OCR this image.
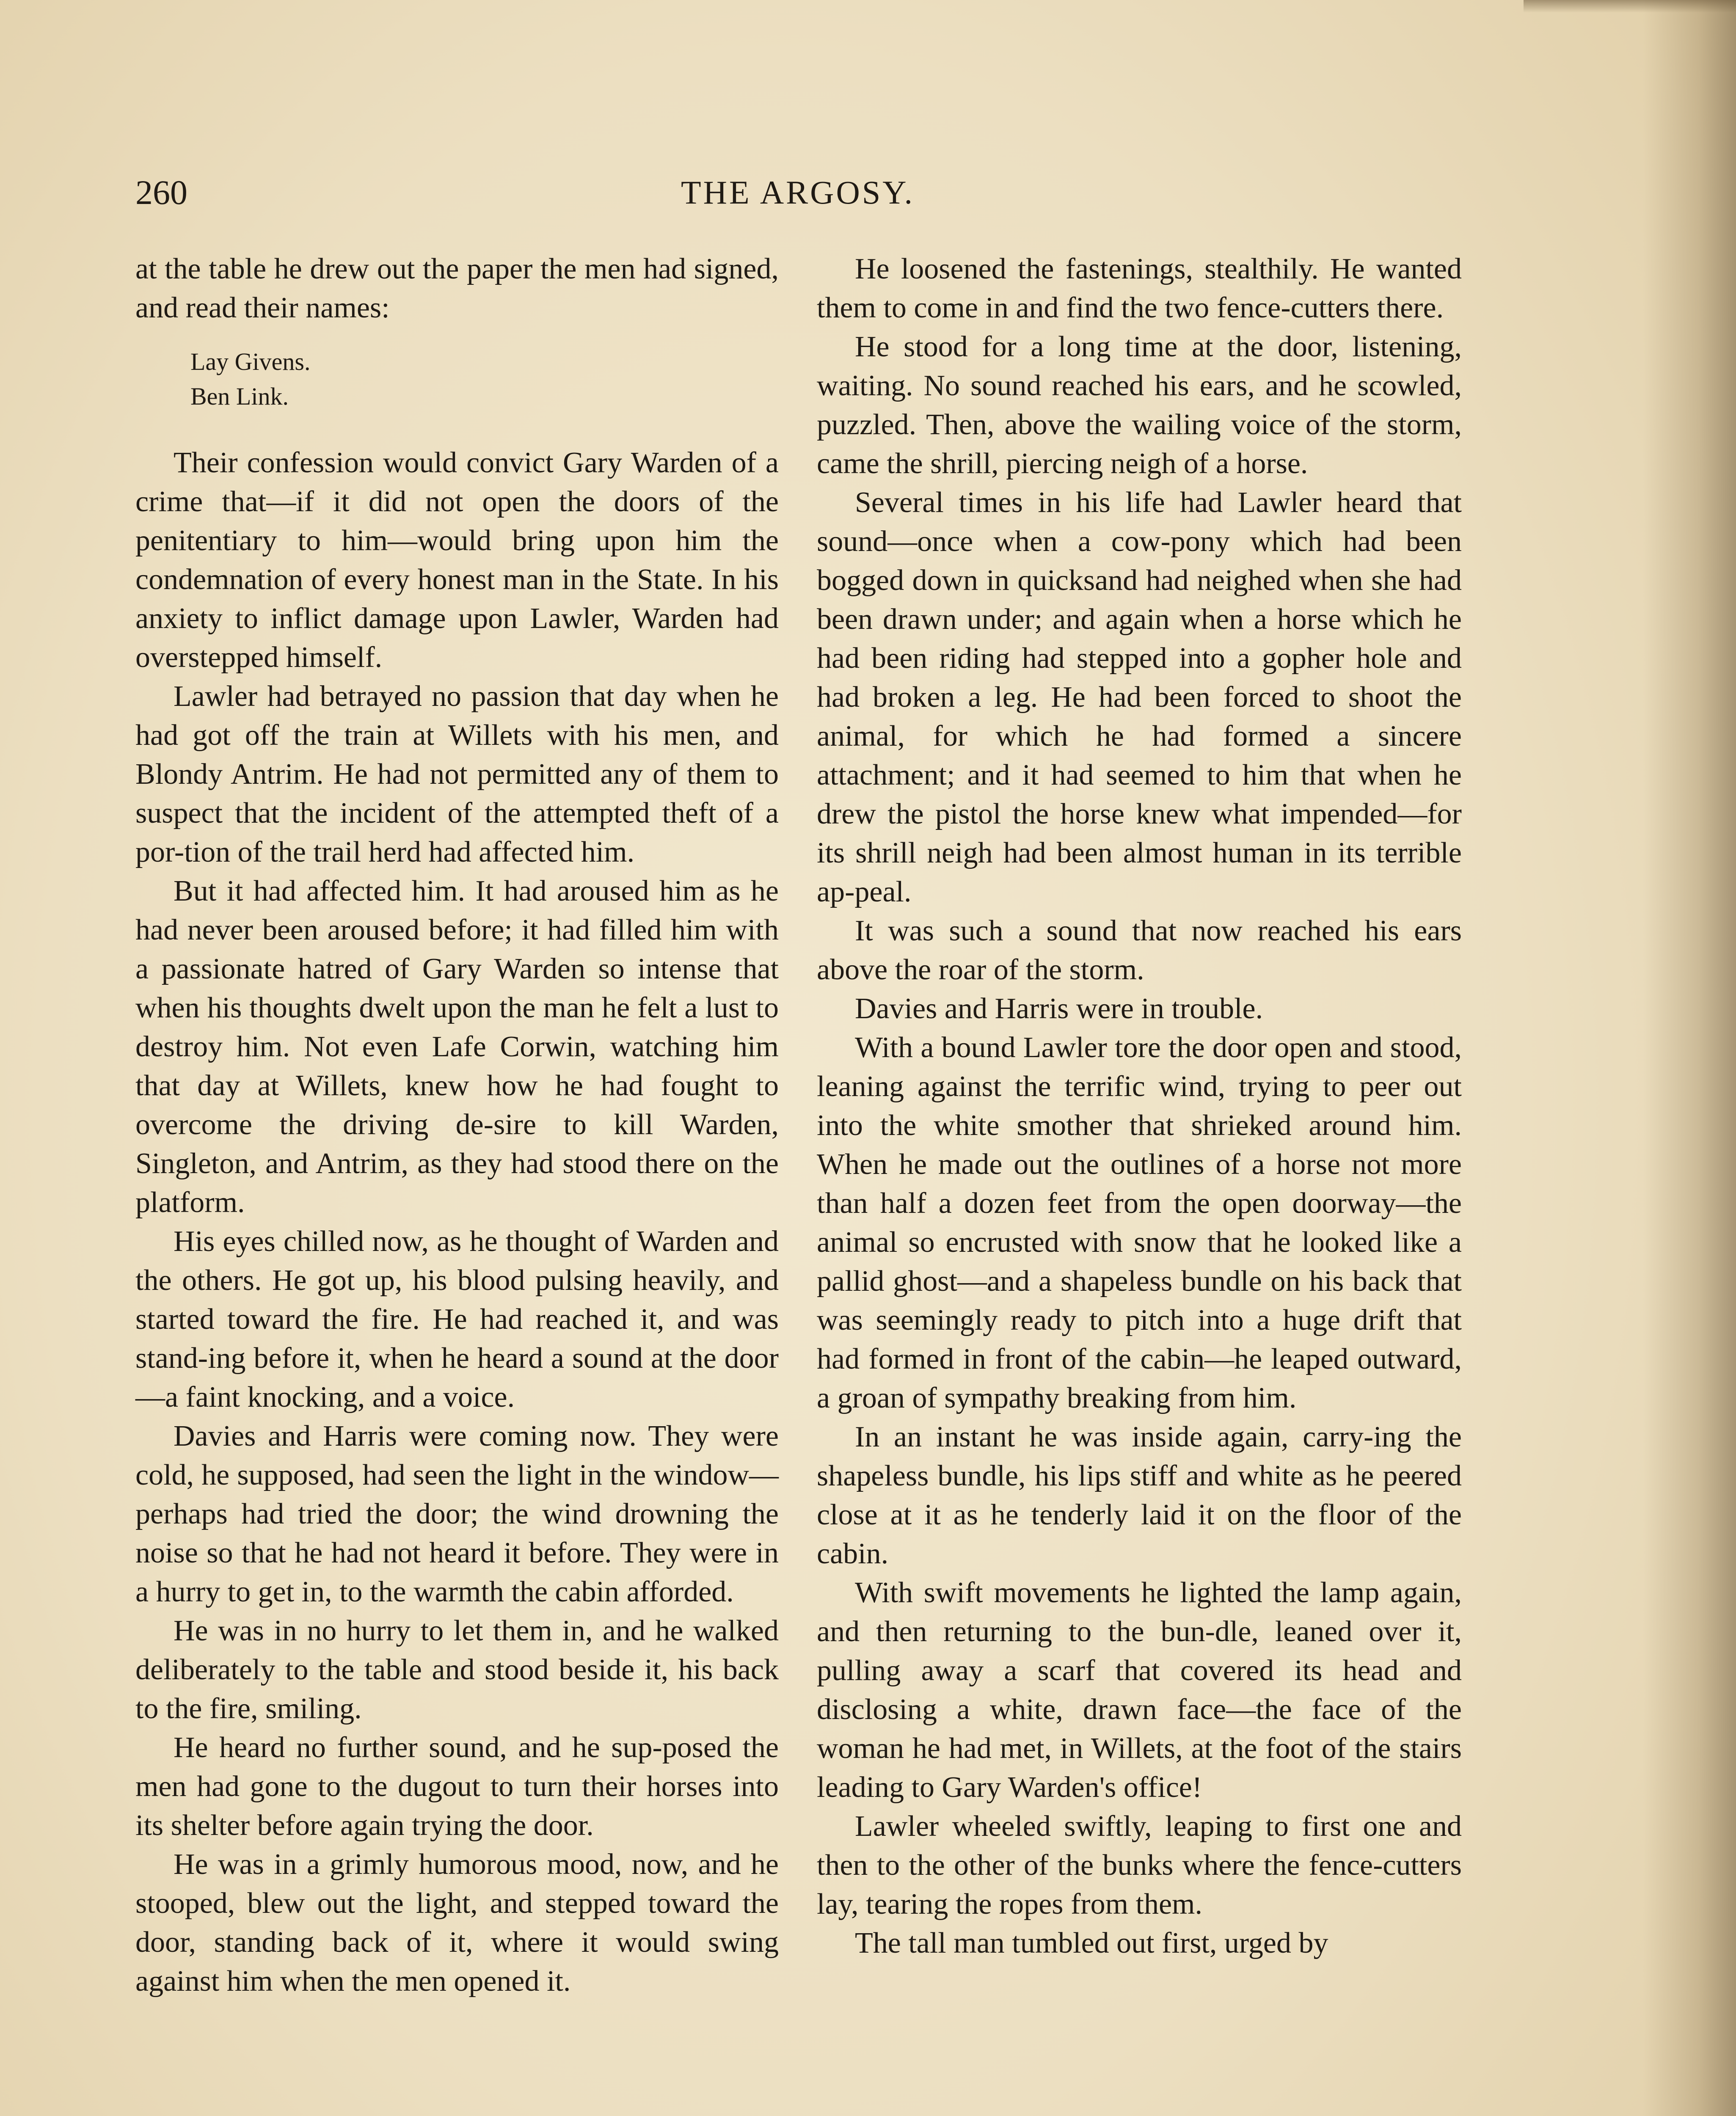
THE ARGOSY.
260

at the table he drew out the paper the men had signed, and read their names:

Lay Givens.
Ben Link.

Their confession would convict Gary Warden of a crime that—if it did not open the doors of the penitentiary to him—would bring upon him the condemnation of every honest man in the State. In his anxiety to inflict damage upon Lawler, Warden had overstepped himself.

Lawler had betrayed no passion that day when he had got off the train at Willets with his men, and Blondy Antrim. He had not permitted any of them to suspect that the incident of the attempted theft of a por-tion of the trail herd had affected him.

But it had affected him. It had aroused him as he had never been aroused before; it had filled him with a passionate hatred of Gary Warden so intense that when his thoughts dwelt upon the man he felt a lust to destroy him. Not even Lafe Corwin, watching him that day at Willets, knew how he had fought to overcome the driving de-sire to kill Warden, Singleton, and Antrim, as they had stood there on the platform.

His eyes chilled now, as he thought of Warden and the others. He got up, his blood pulsing heavily, and started toward the fire. He had reached it, and was stand-ing before it, when he heard a sound at the door—a faint knocking, and a voice.

Davies and Harris were coming now. They were cold, he supposed, had seen the light in the window—perhaps had tried the door; the wind drowning the noise so that he had not heard it before. They were in a hurry to get in, to the warmth the cabin afforded.

He was in no hurry to let them in, and he walked deliberately to the table and stood beside it, his back to the fire, smiling.

He heard no further sound, and he sup-posed the men had gone to the dugout to turn their horses into its shelter before again trying the door.

He was in a grimly humorous mood, now, and he stooped, blew out the light, and stepped toward the door, standing back of it, where it would swing against him when the men opened it.

He loosened the fastenings, stealthily. He wanted them to come in and find the two fence-cutters there.

He stood for a long time at the door, listening, waiting. No sound reached his ears, and he scowled, puzzled. Then, above the wailing voice of the storm, came the shrill, piercing neigh of a horse.

Several times in his life had Lawler heard that sound—once when a cow-pony which had been bogged down in quicksand had neighed when she had been drawn under; and again when a horse which he had been riding had stepped into a gopher hole and had broken a leg. He had been forced to shoot the animal, for which he had formed a sincere attachment; and it had seemed to him that when he drew the pistol the horse knew what impended—for its shrill neigh had been almost human in its terrible ap-peal.

It was such a sound that now reached his ears above the roar of the storm.

Davies and Harris were in trouble.

With a bound Lawler tore the door open and stood, leaning against the terrific wind, trying to peer out into the white smother that shrieked around him. When he made out the outlines of a horse not more than half a dozen feet from the open doorway—the animal so encrusted with snow that he looked like a pallid ghost—and a shapeless bundle on his back that was seemingly ready to pitch into a huge drift that had formed in front of the cabin—he leaped outward, a groan of sympathy breaking from him.

In an instant he was inside again, carry-ing the shapeless bundle, his lips stiff and white as he peered close at it as he tenderly laid it on the floor of the cabin.

With swift movements he lighted the lamp again, and then returning to the bun-dle, leaned over it, pulling away a scarf that covered its head and disclosing a white, drawn face—the face of the woman he had met, in Willets, at the foot of the stairs leading to Gary Warden's office!

Lawler wheeled swiftly, leaping to first one and then to the other of the bunks where the fence-cutters lay, tearing the ropes from them.

The tall man tumbled out first, urged by
